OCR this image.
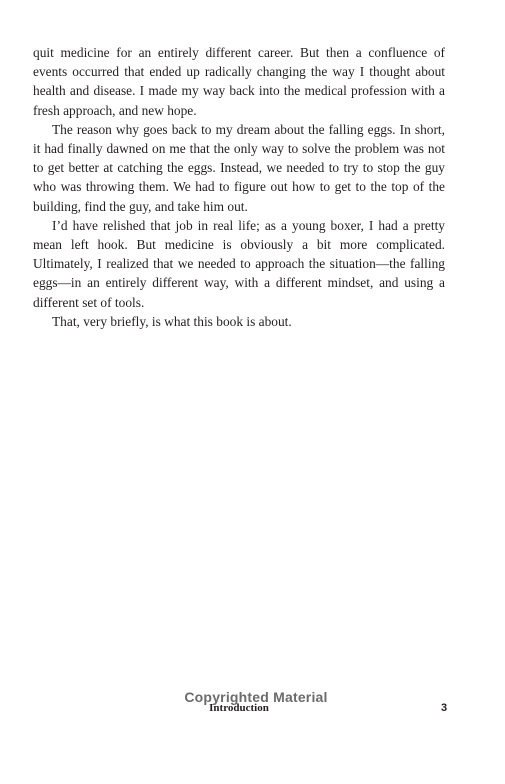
quit medicine for an entirely different career. But then a confluence of events occurred that ended up radically changing the way I thought about health and disease. I made my way back into the medical profession with a fresh approach, and new hope.

The reason why goes back to my dream about the falling eggs. In short, it had finally dawned on me that the only way to solve the problem was not to get better at catching the eggs. Instead, we needed to try to stop the guy who was throwing them. We had to figure out how to get to the top of the building, find the guy, and take him out.

I’d have relished that job in real life; as a young boxer, I had a pretty mean left hook. But medicine is obviously a bit more complicated. Ultimately, I realized that we needed to approach the situation—the falling eggs—in an entirely different way, with a different mindset, and using a different set of tools.

That, very briefly, is what this book is about.

Introduction
Copyrighted Material
3
